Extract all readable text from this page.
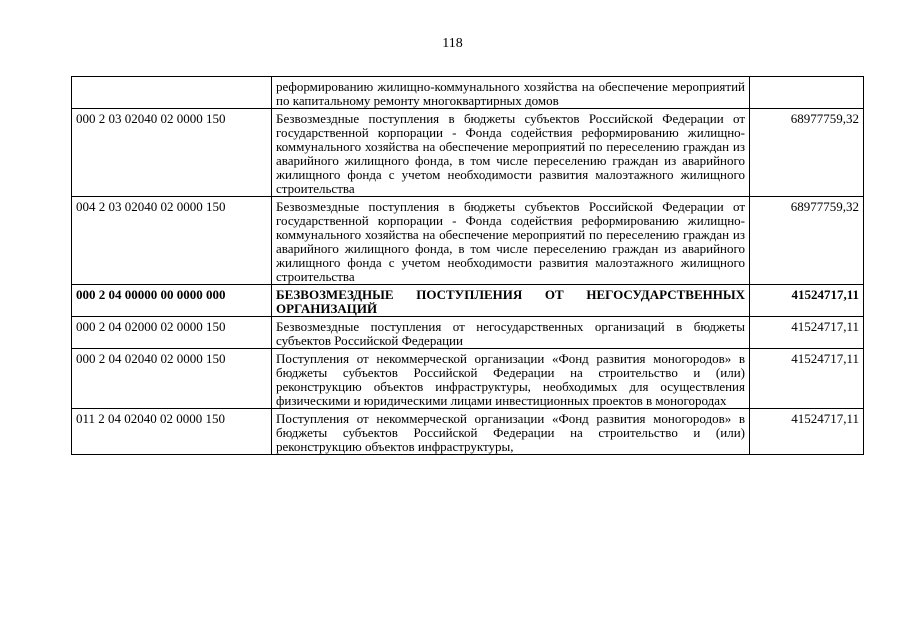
118
	реформированию жилищно-коммунального хозяйства на обеспечение мероприятий по капитальному ремонту многоквартирных домов	
000 2 03 02040 02 0000 150	Безвозмездные поступления в бюджеты субъектов Российской Федерации от государственной корпорации - Фонда содействия реформированию жилищно-коммунального хозяйства на обеспечение мероприятий по переселению граждан из аварийного жилищного фонда, в том числе переселению граждан из аварийного жилищного фонда с учетом необходимости развития малоэтажного жилищного строительства	68977759,32
004 2 03 02040 02 0000 150	Безвозмездные поступления в бюджеты субъектов Российской Федерации от государственной корпорации - Фонда содействия реформированию жилищно-коммунального хозяйства на обеспечение мероприятий по переселению граждан из аварийного жилищного фонда, в том числе переселению граждан из аварийного жилищного фонда с учетом необходимости развития малоэтажного жилищного строительства	68977759,32
000 2 04 00000 00 0000 000	БЕЗВОЗМЕЗДНЫЕ ПОСТУПЛЕНИЯ ОТ НЕГОСУДАРСТВЕННЫХ ОРГАНИЗАЦИЙ	41524717,11
000 2 04 02000 02 0000 150	Безвозмездные поступления от негосударственных организаций в бюджеты субъектов Российской Федерации	41524717,11
000 2 04 02040 02 0000 150	Поступления от некоммерческой организации «Фонд развития моногородов» в бюджеты субъектов Российской Федерации на строительство и (или) реконструкцию объектов инфраструктуры, необходимых для осуществления физическими и юридическими лицами инвестиционных проектов в моногородах	41524717,11
011 2 04 02040 02 0000 150	Поступления от некоммерческой организации «Фонд развития моногородов» в бюджеты субъектов Российской Федерации на строительство и (или) реконструкцию объектов инфраструктуры,	41524717,11
